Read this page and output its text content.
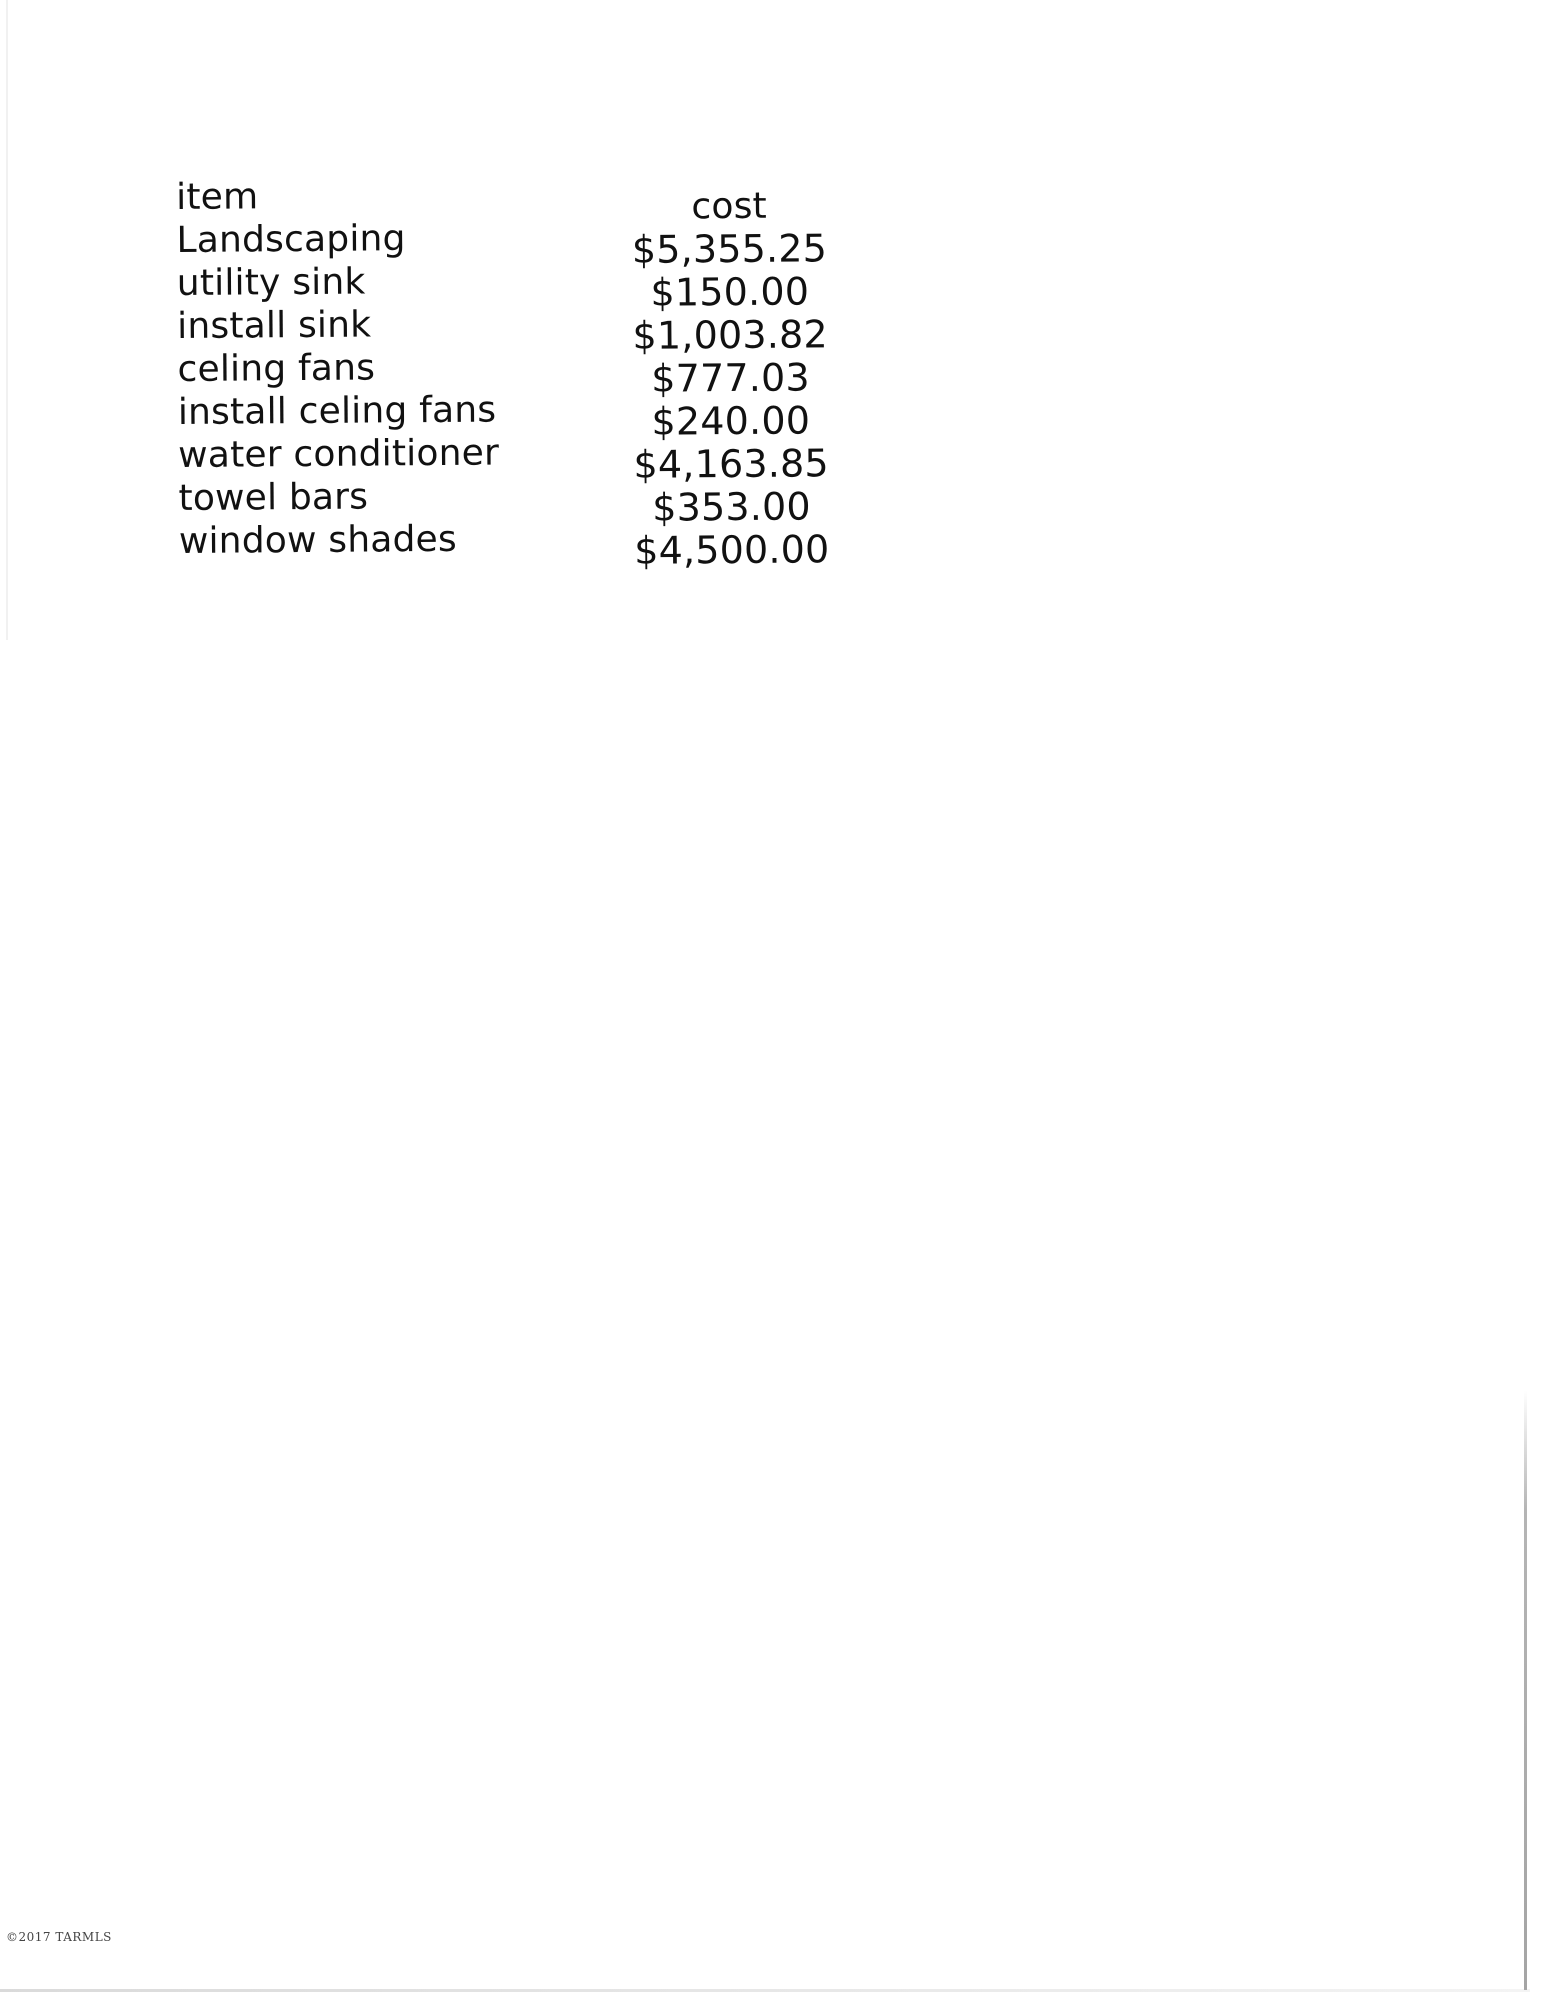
item
Landscaping
utility sink
install sink
celing fans
install celing fans
water conditioner
towel bars
window shades
cost
$5,355.25
$150.00
$1,003.82
$777.03
$240.00
$4,163.85
$353.00
$4,500.00
©2017 TARMLS
